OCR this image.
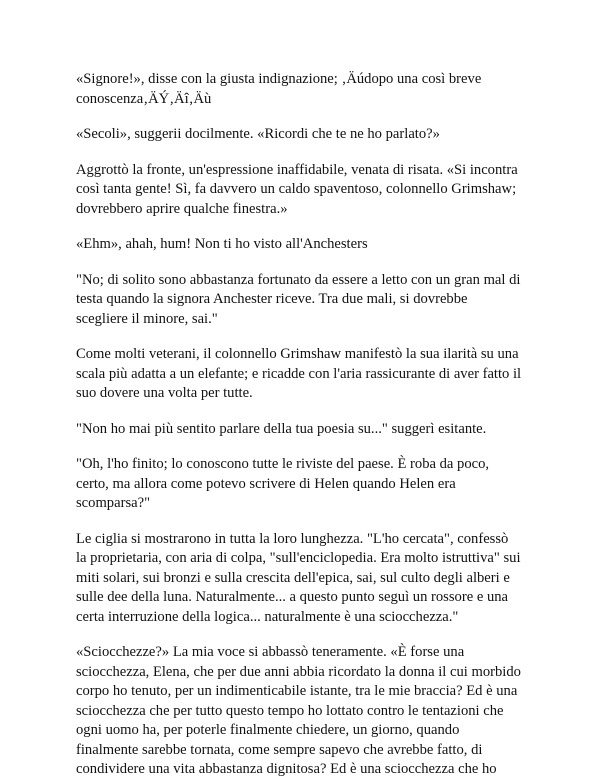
«Signore!», disse con la giusta indignazione; ‚Äúdopo una così breve conoscenza‚ÄÝ‚Äî‚Äù

«Secoli», suggerii docilmente. «Ricordi che te ne ho parlato?»

Aggrottò la fronte, un'espressione inaffidabile, venata di risata. «Si incontra così tanta gente! Sì, fa davvero un caldo spaventoso, colonnello Grimshaw; dovrebbero aprire qualche finestra.»

«Ehm», ahah, hum! Non ti ho visto all'Anchesters

"No; di solito sono abbastanza fortunato da essere a letto con un gran mal di testa quando la signora Anchester riceve. Tra due mali, si dovrebbe scegliere il minore, sai."

Come molti veterani, il colonnello Grimshaw manifestò la sua ilarità su una scala più adatta a un elefante; e ricadde con l'aria rassicurante di aver fatto il suo dovere una volta per tutte.

"Non ho mai più sentito parlare della tua poesia su..." suggerì esitante.

"Oh, l'ho finito; lo conoscono tutte le riviste del paese. È roba da poco, certo, ma allora come potevo scrivere di Helen quando Helen era scomparsa?"

Le ciglia si mostrarono in tutta la loro lunghezza. "L'ho cercata", confessò la proprietaria, con aria di colpa, "sull'enciclopedia. Era molto istruttiva" sui miti solari, sui bronzi e sulla crescita dell'epica, sai, sul culto degli alberi e sulle dee della luna. Naturalmente... a questo punto seguì un rossore e una certa interruzione della logica... naturalmente è una sciocchezza."

«Sciocchezze?» La mia voce si abbassò teneramente. «È forse una sciocchezza, Elena, che per due anni abbia ricordato la donna il cui morbido corpo ho tenuto, per un indimenticabile istante, tra le mie braccia? Ed è una sciocchezza che per tutto questo tempo ho lottato contro le tentazioni che ogni uomo ha, per poterle finalmente chiedere, un giorno, quando finalmente sarebbe tornata, come sempre sapevo che avrebbe fatto, di condividere una vita abbastanza dignitosa? Ed è una sciocchezza che ho
